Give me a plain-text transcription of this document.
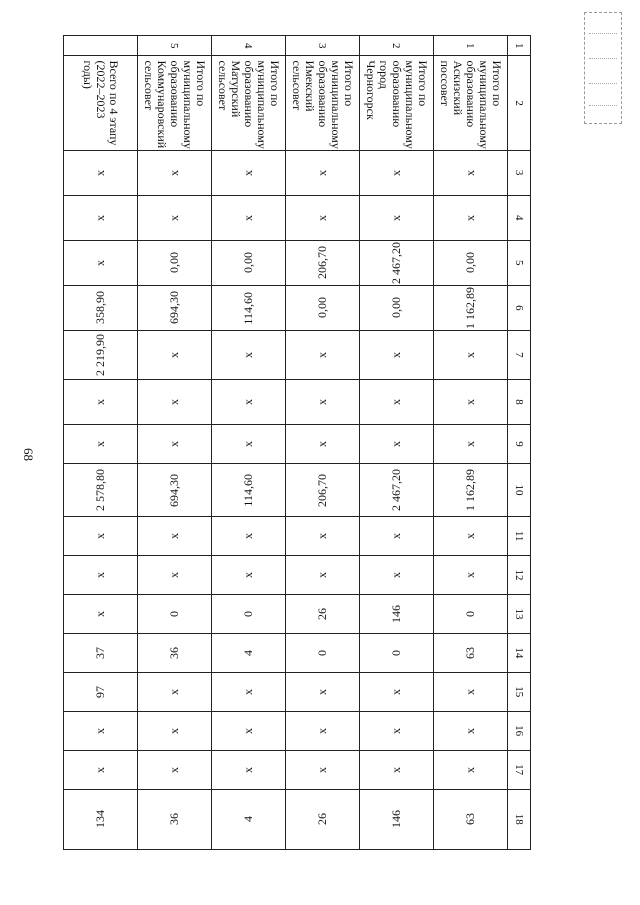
68
1	2	3	4	5	6	7	8	9	10	11	12	13	14	15	16	17	18
1	Итого по муниципальному образованию Аскизский поссовет	x	x	0,00	1 162,89	x	x	x	1 162,89	x	x	0	63	x	x	x	63
2	Итого по муниципальному образованию город Черногорск	x	x	2 467,20	0,00	x	x	x	2 467,20	x	x	146	0	x	x	x	146
3	Итого по муниципальному образованию Имекский сельсовет	x	x	206,70	0,00	x	x	x	206,70	x	x	26	0	x	x	x	26
4	Итого по муниципальному образованию Матурский сельсовет	x	x	0,00	114,60	x	x	x	114,60	x	x	0	4	x	x	x	4
5	Итого по муниципальному образованию Коммунаровский сельсовет	x	x	0,00	694,30	x	x	x	694,30	x	x	0	36	x	x	x	36
	Всего по 4 этапу (2022–2023 годы)	x	x	x	358,90	2 219,90	x	x	2 578,80	x	x	x	37	97	x	x	134
